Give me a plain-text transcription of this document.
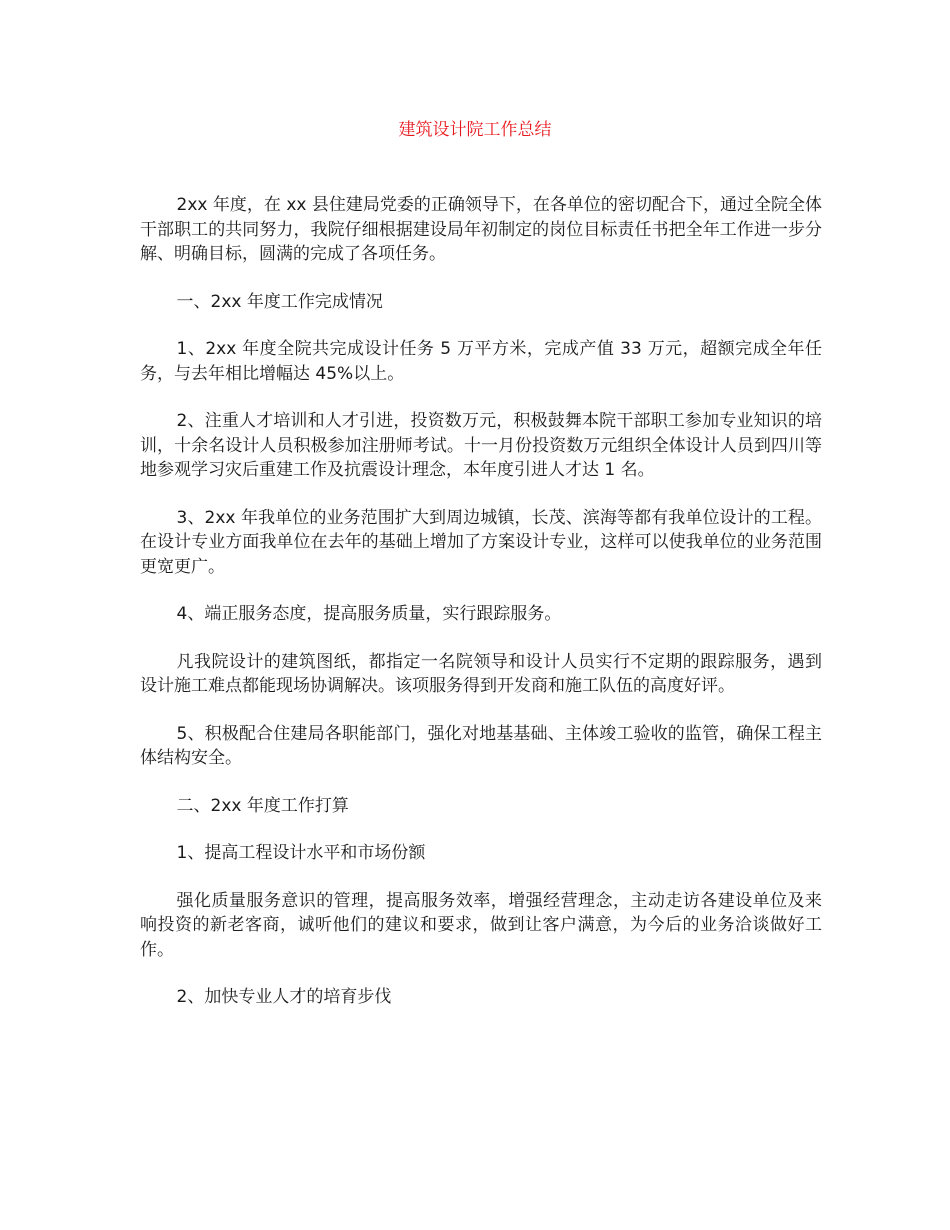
建筑设计院工作总结

2xx 年度，在 xx 县住建局党委的正确领导下，在各单位的密切配合下，通过全院全体干部职工的共同努力，我院仔细根据建设局年初制定的岗位目标责任书把全年工作进一步分解、明确目标，圆满的完成了各项任务。

一、2xx 年度工作完成情况

1、2xx 年度全院共完成设计任务 5 万平方米，完成产值 33 万元，超额完成全年任务，与去年相比增幅达 45%以上。

2、注重人才培训和人才引进，投资数万元，积极鼓舞本院干部职工参加专业知识的培训，十余名设计人员积极参加注册师考试。十一月份投资数万元组织全体设计人员到四川等地参观学习灾后重建工作及抗震设计理念，本年度引进人才达 1 名。

3、2xx 年我单位的业务范围扩大到周边城镇，长茂、滨海等都有我单位设计的工程。在设计专业方面我单位在去年的基础上增加了方案设计专业，这样可以使我单位的业务范围更宽更广。

4、端正服务态度，提高服务质量，实行跟踪服务。

凡我院设计的建筑图纸，都指定一名院领导和设计人员实行不定期的跟踪服务，遇到设计施工难点都能现场协调解决。该项服务得到开发商和施工队伍的高度好评。

5、积极配合住建局各职能部门，强化对地基基础、主体竣工验收的监管，确保工程主体结构安全。

二、2xx 年度工作打算

1、提高工程设计水平和市场份额

强化质量服务意识的管理，提高服务效率，增强经营理念，主动走访各建设单位及来响投资的新老客商，诚听他们的建议和要求，做到让客户满意，为今后的业务洽谈做好工作。

2、加快专业人才的培育步伐
